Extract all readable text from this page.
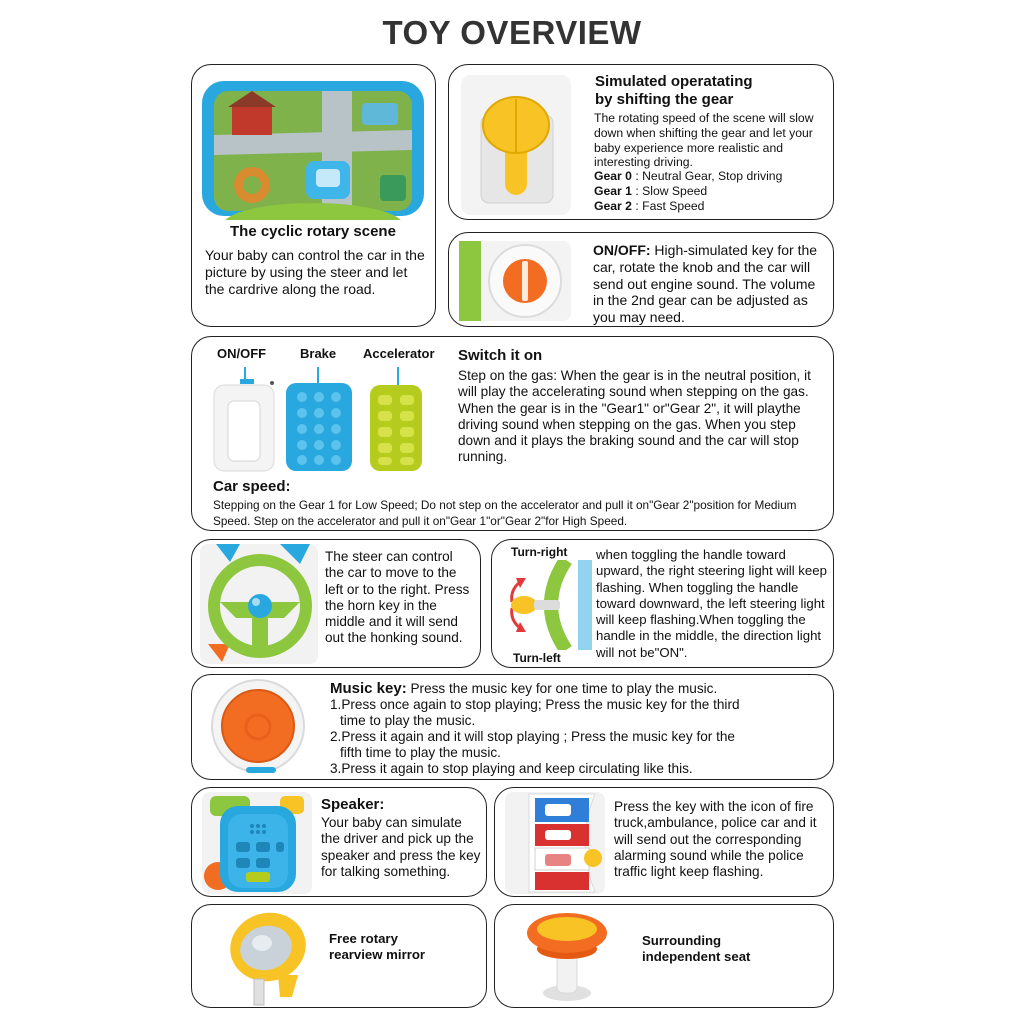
TOY OVERVIEW
The cyclic rotary scene
Your baby can control the car in the picture by using the steer and let the cardrive along the road.
Simulated operatating
by shifting the gear
The rotating speed of the scene will slow down when shifting the gear and let your baby experience more realistic and interesting driving.
Gear 0 : Neutral Gear, Stop driving
Gear 1 : Slow Speed
Gear 2 : Fast Speed
ON/OFF: High-simulated key for the car, rotate the knob and the car will send out engine sound. The volume in the 2nd gear can be adjusted as you may need.
ON/OFF	Brake Accelerator Switch it on
Step on the gas: When the gear is in the neutral position, it will play the accelerating sound when stepping on the gas. When the gear is in the "Gear1" or"Gear 2", it will playthe driving sound when stepping on the gas. When you step down and it plays the braking sound and the car will stop running.
Car speed:
Stepping on the Gear 1 for Low Speed; Do not step on the accelerator and pull it on"Gear 2"position for Medium Speed. Step on the accelerator and pull it on"Gear 1"or"Gear 2"for High Speed.
The steer can control the car to move to the left or to the right. Press the horn key in the middle and it will send out the honking sound.
Turn-right
Turn-left
when toggling the handle toward upward, the right steering light will keep flashing. When toggling the handle toward downward, the left steering light will keep flashing.When toggling the handle in the middle, the direction light will not be"ON".
Music key: Press the music key for one time to play the music.
1.Press once again to stop playing; Press the music key for the third
time to play the music.
2.Press it again and it will stop playing ; Press the music key for the
fifth time to play the music.
3.Press it again to stop playing and keep circulating like this.
Speaker:
Your baby can simulate the driver and pick up the speaker and press the key for talking something.
Press the key with the icon of fire truck,ambulance, police car and it will send out the corresponding alarming sound while the police traffic light keep flashing.
Free rotary
rearview mirror
Surrounding
independent seat
